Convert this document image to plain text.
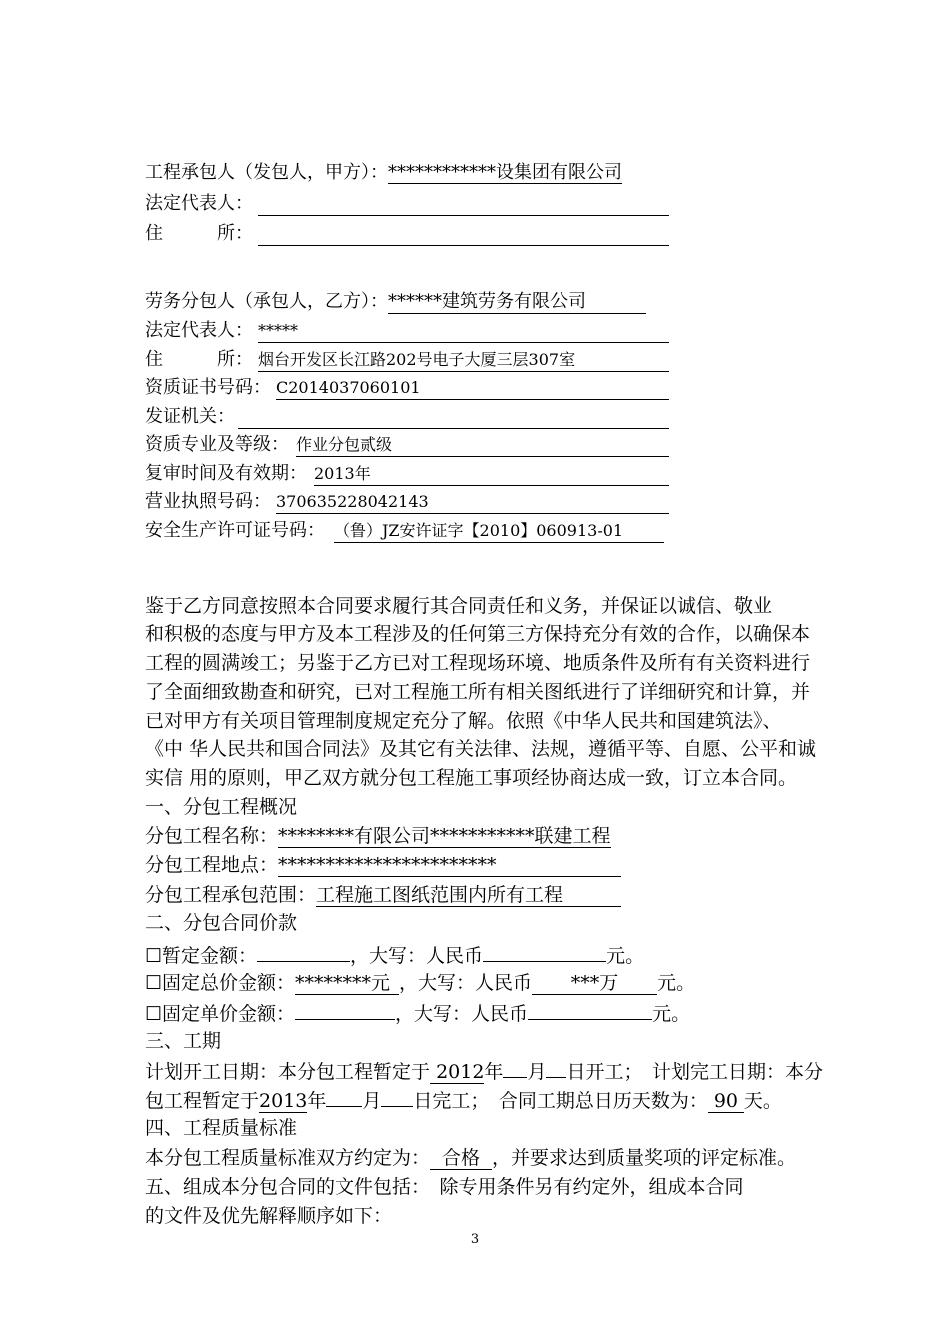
工程承包人（发包人，甲方）：************设集团有限公司
法定代表人：
住　　　所：
劳务分包人（承包人，乙方）：******建筑劳务有限公司
法定代表人： *****
住　　　所： 烟台开发区长江路202号电子大厦三层307室
资质证书号码： C2014037060101
发证机关：
资质专业及等级： 作业分包贰级
复审时间及有效期： 2013年
营业执照号码： 370635228042143
安全生产许可证号码： （鲁）JZ安许证字【2010】060913-01
鉴于乙方同意按照本合同要求履行其合同责任和义务，并保证以诚信、敬业
和积极的态度与甲方及本工程涉及的任何第三方保持充分有效的合作，以确保本
工程的圆满竣工；另鉴于乙方已对工程现场环境、地质条件及所有有关资料进行
了全面细致勘查和研究，已对工程施工所有相关图纸进行了详细研究和计算，并
已对甲方有关项目管理制度规定充分了解。依照《中华人民共和国建筑法》、
《中 华人民共和国合同法》及其它有关法律、法规，遵循平等、自愿、公平和诚
实信 用的原则，甲乙双方就分包工程施工事项经协商达成一致，订立本合同。
一、分包工程概况
分包工程名称：********有限公司***********联建工程
分包工程地点：***********************
分包工程承包范围：工程施工图纸范围内所有工程
二、分包合同价款
☐暂定金额：	，大写：人民币	元。
☐固定总价金额：********元 ，大写：人民币 ***万 元。
☐固定单价金额：	，大写：人民币	元。
三、工期
计划开工日期：本分包工程暂定于 2012年 月 日开工；　计划完工日期：本分
包工程暂定于2013年 月 日完工；　合同工期总日历天数为： 90 天。
四、工程质量标准
本分包工程质量标准双方约定为： 合格 ，并要求达到质量奖项的评定标准。
五、组成本分包合同的文件包括：　除专用条件另有约定外，组成本合同
的文件及优先解释顺序如下：
3
